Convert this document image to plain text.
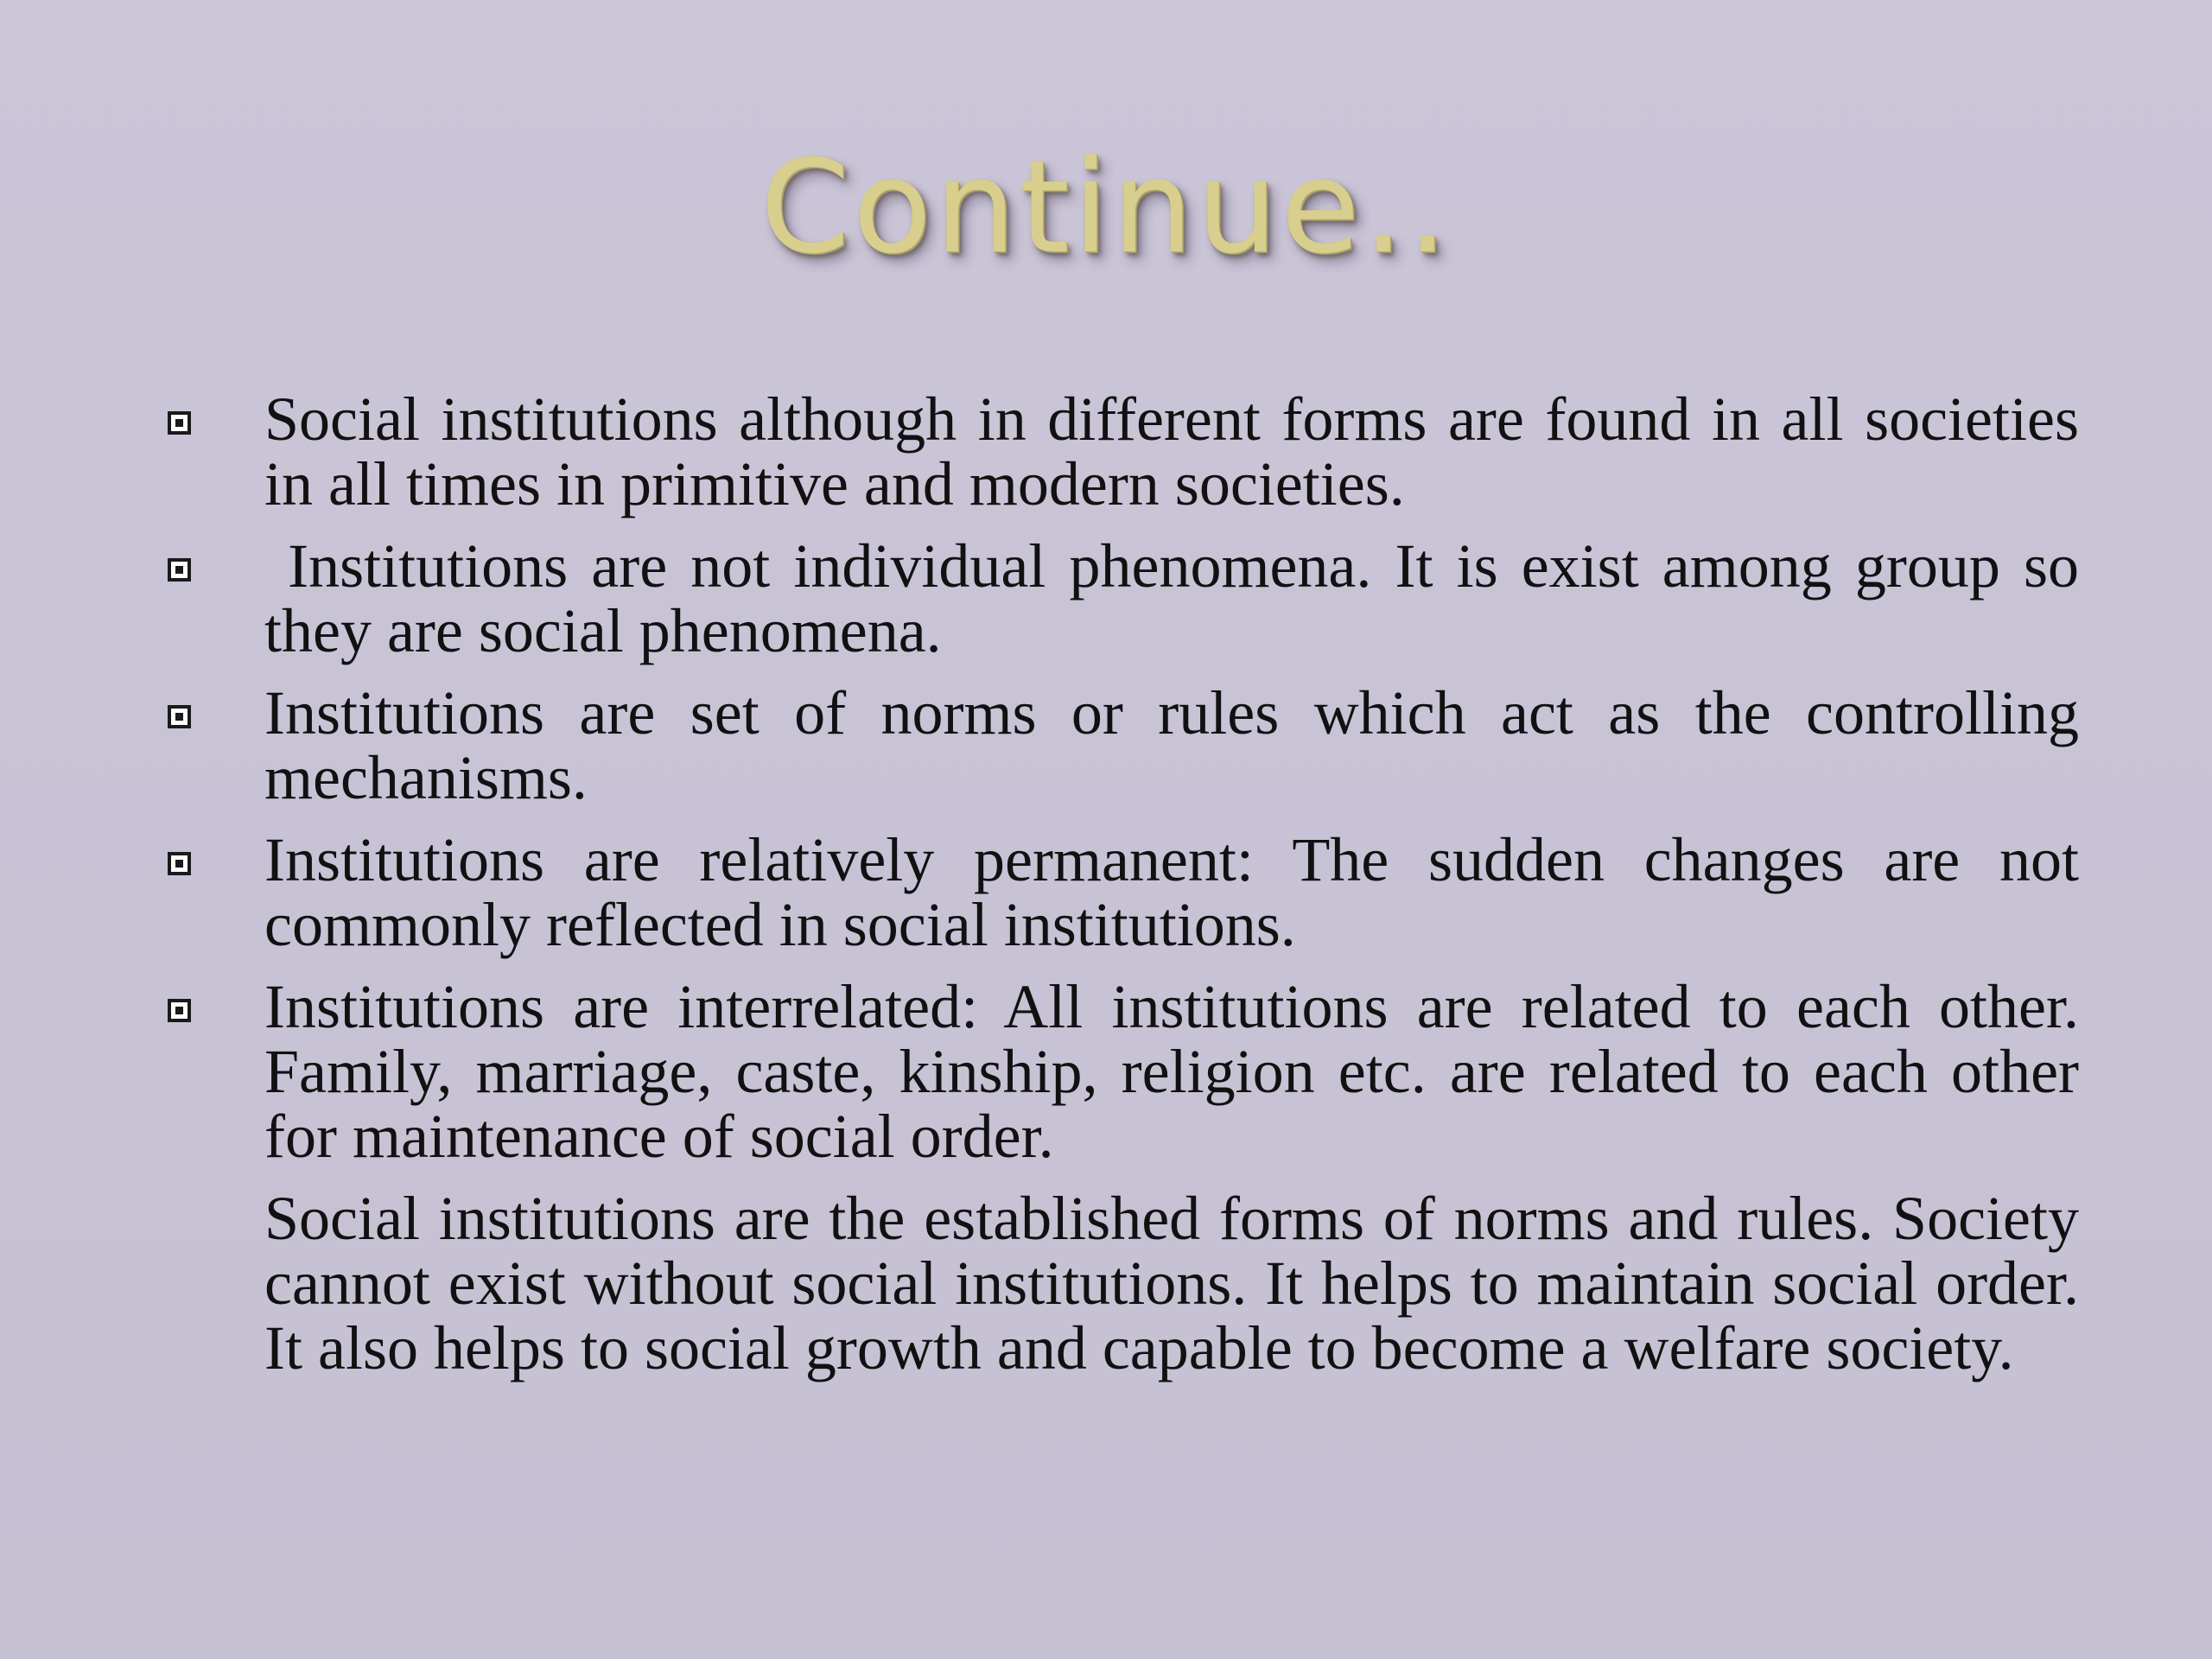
Continue..
Social institutions although in different forms are found in all societies in all times in primitive and modern societies.
Institutions are not individual phenomena. It is exist among group so they are social phenomena.
Institutions are set of norms or rules which act as the controlling mechanisms.
Institutions are relatively permanent: The sudden changes are not commonly reflected in social institutions.
Institutions are interrelated: All institutions are related to each other. Family, marriage, caste, kinship, religion etc. are related to each other for maintenance of social order.
Social institutions are the established forms of norms and rules. Society cannot exist without social institutions. It helps to maintain social order. It also helps to social growth and capable to become a welfare society.
